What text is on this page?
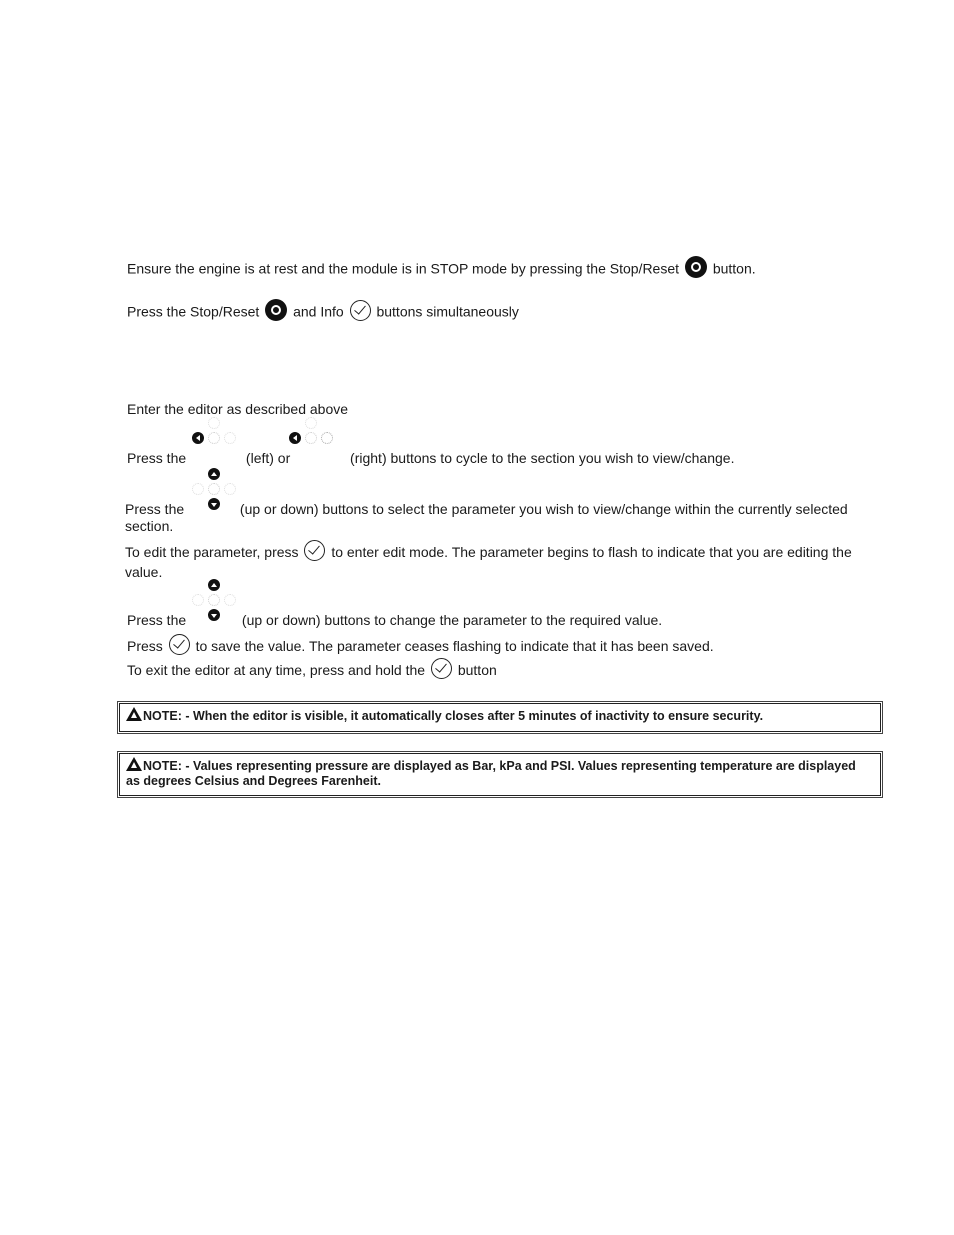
Ensure the engine is at rest and the module is in STOP mode by pressing the Stop/Reset button.
Press the Stop/Reset and Info buttons simultaneously
Enter the editor as described above
Press the	(left) or	(right) buttons to cycle to the section you wish to view/change.
Press the	(up or down) buttons to select the parameter you wish to view/change within the currently selected section.
To edit the parameter, press to enter edit mode. The parameter begins to flash to indicate that you are editing the value.
Press the	(up or down) buttons to change the parameter to the required value.
Press to save the value. The parameter ceases flashing to indicate that it has been saved.
To exit the editor at any time, press and hold the button
NOTE: - When the editor is visible, it automatically closes after 5 minutes of inactivity to ensure security.
NOTE: - Values representing pressure are displayed as Bar, kPa and PSI. Values representing temperature are displayed as degrees Celsius and Degrees Farenheit.
